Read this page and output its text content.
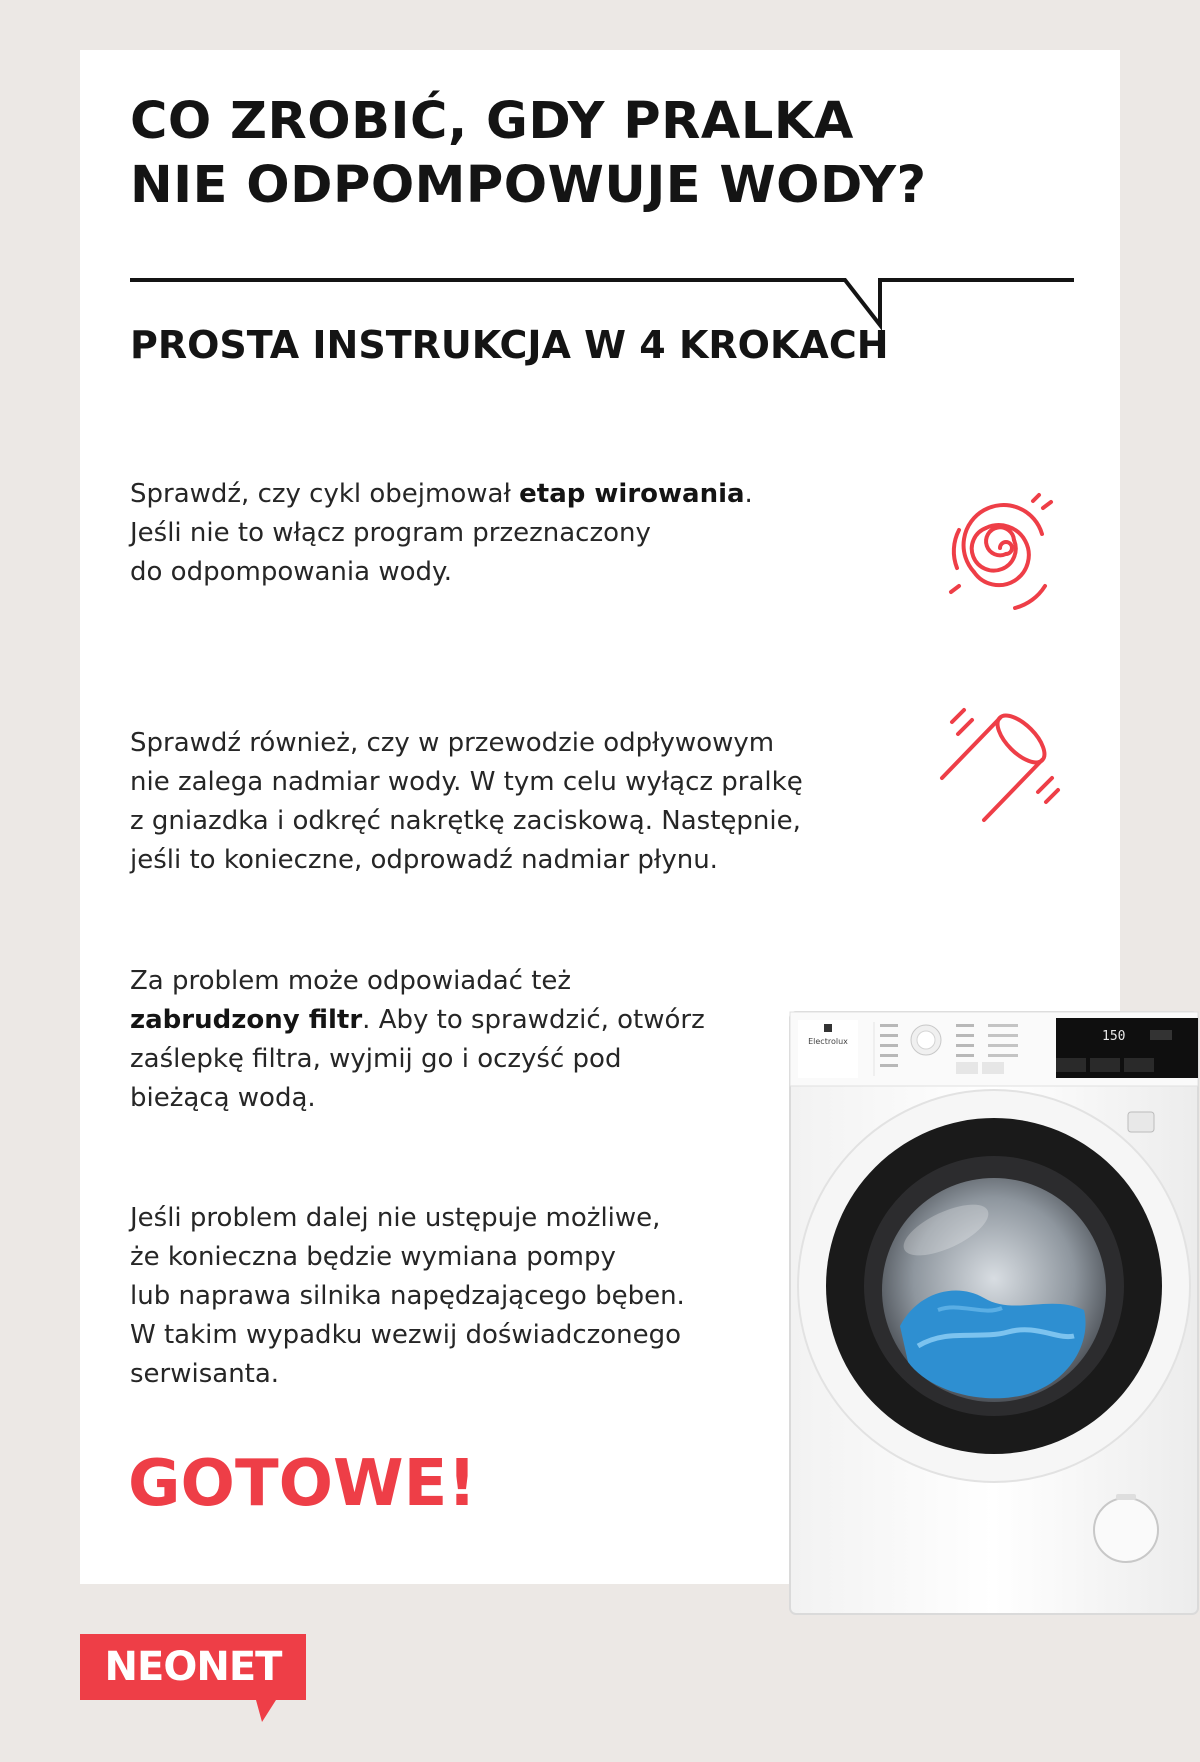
CO ZROBIĆ, GDY PRALKA
NIE ODPOMPOWUJE WODY?
PROSTA INSTRUKCJA W 4 KROKACH

Sprawdź, czy cykl obejmował etap wirowania.
Jeśli nie to włącz program przeznaczony
do odpompowania wody.

Sprawdź również, czy w przewodzie odpływowym
nie zalega nadmiar wody. W tym celu wyłącz pralkę
z gniazdka i odkręć nakrętkę zaciskową. Następnie,
jeśli to konieczne, odprowadź nadmiar płynu.

Za problem może odpowiadać też
zabrudzony filtr. Aby to sprawdzić, otwórz
zaślepkę filtra, wyjmij go i oczyść pod
bieżącą wodą.

Jeśli problem dalej nie ustępuje możliwe,
że konieczna będzie wymiana pompy
lub naprawa silnika napędzającego bęben.
W takim wypadku wezwij doświadczonego
serwisanta.

GOTOWE!
Electrolux	150
NEONET
